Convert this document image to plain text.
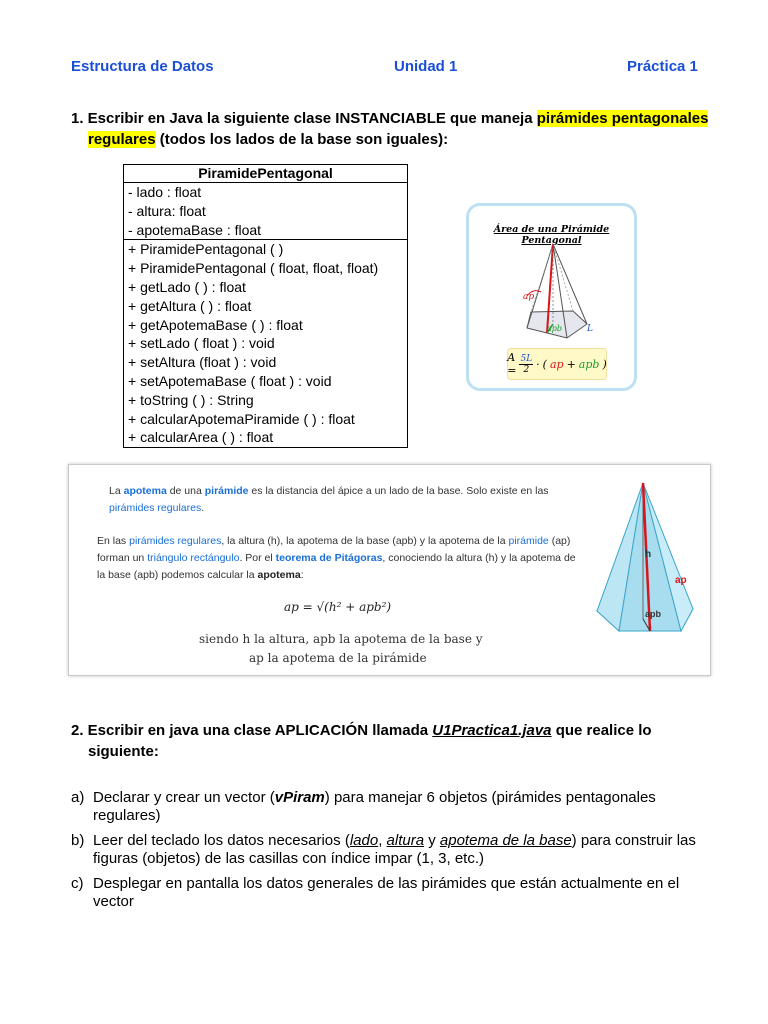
Estructura de Datos	Unidad 1	Práctica 1
1. Escribir en Java la siguiente clase INSTANCIABLE que maneja pirámides pentagonales
regulares (todos los lados de la base son iguales):
PiramidePentagonal
- lado : float
- altura: float
- apotemaBase : float
+ PiramidePentagonal ( )
+ PiramidePentagonal ( float, float, float)
+ getLado ( ) : float
+ getAltura ( ) : float
+ getApotemaBase ( ) : float
+ setLado ( float ) : void
+ setAltura (float ) : void
+ setApotemaBase ( float ) : void
+ toString ( ) : String
+ calcularApotemaPiramide ( ) : float
+ calcularArea ( ) : float
Área de una Pirámide Pentagonal
ap
apb	L
$A = \frac{5L}{2}$ · ( ap + apb )

La apotema de una pirámide es la distancia del ápice a un lado de la base. Solo existe en las pirámides regulares.

En las pirámides regulares, la altura (h), la apotema de la base (apb) y la apotema de la pirámide (ap) forman un triángulo rectángulo. Por el teorema de Pitágoras, conociendo la altura (h) y la apotema de la base (apb) podemos calcular la apotema:

ap = √(h² + apb²)
siendo h la altura, apb la apotema de la base y
ap la apotema de la pirámide
h
ap
apb
2. Escribir en java una clase APLICACIÓN llamada U1Practica1.java que realice lo
siguiente:
a) Declarar y crear un vector (vPiram) para manejar 6 objetos (pirámides pentagonales regulares)
b) Leer del teclado los datos necesarios (lado, altura y apotema de la base) para construir las figuras (objetos) de las casillas con índice impar (1, 3, etc.)
c) Desplegar en pantalla los datos generales de las pirámides que están actualmente en el vector
